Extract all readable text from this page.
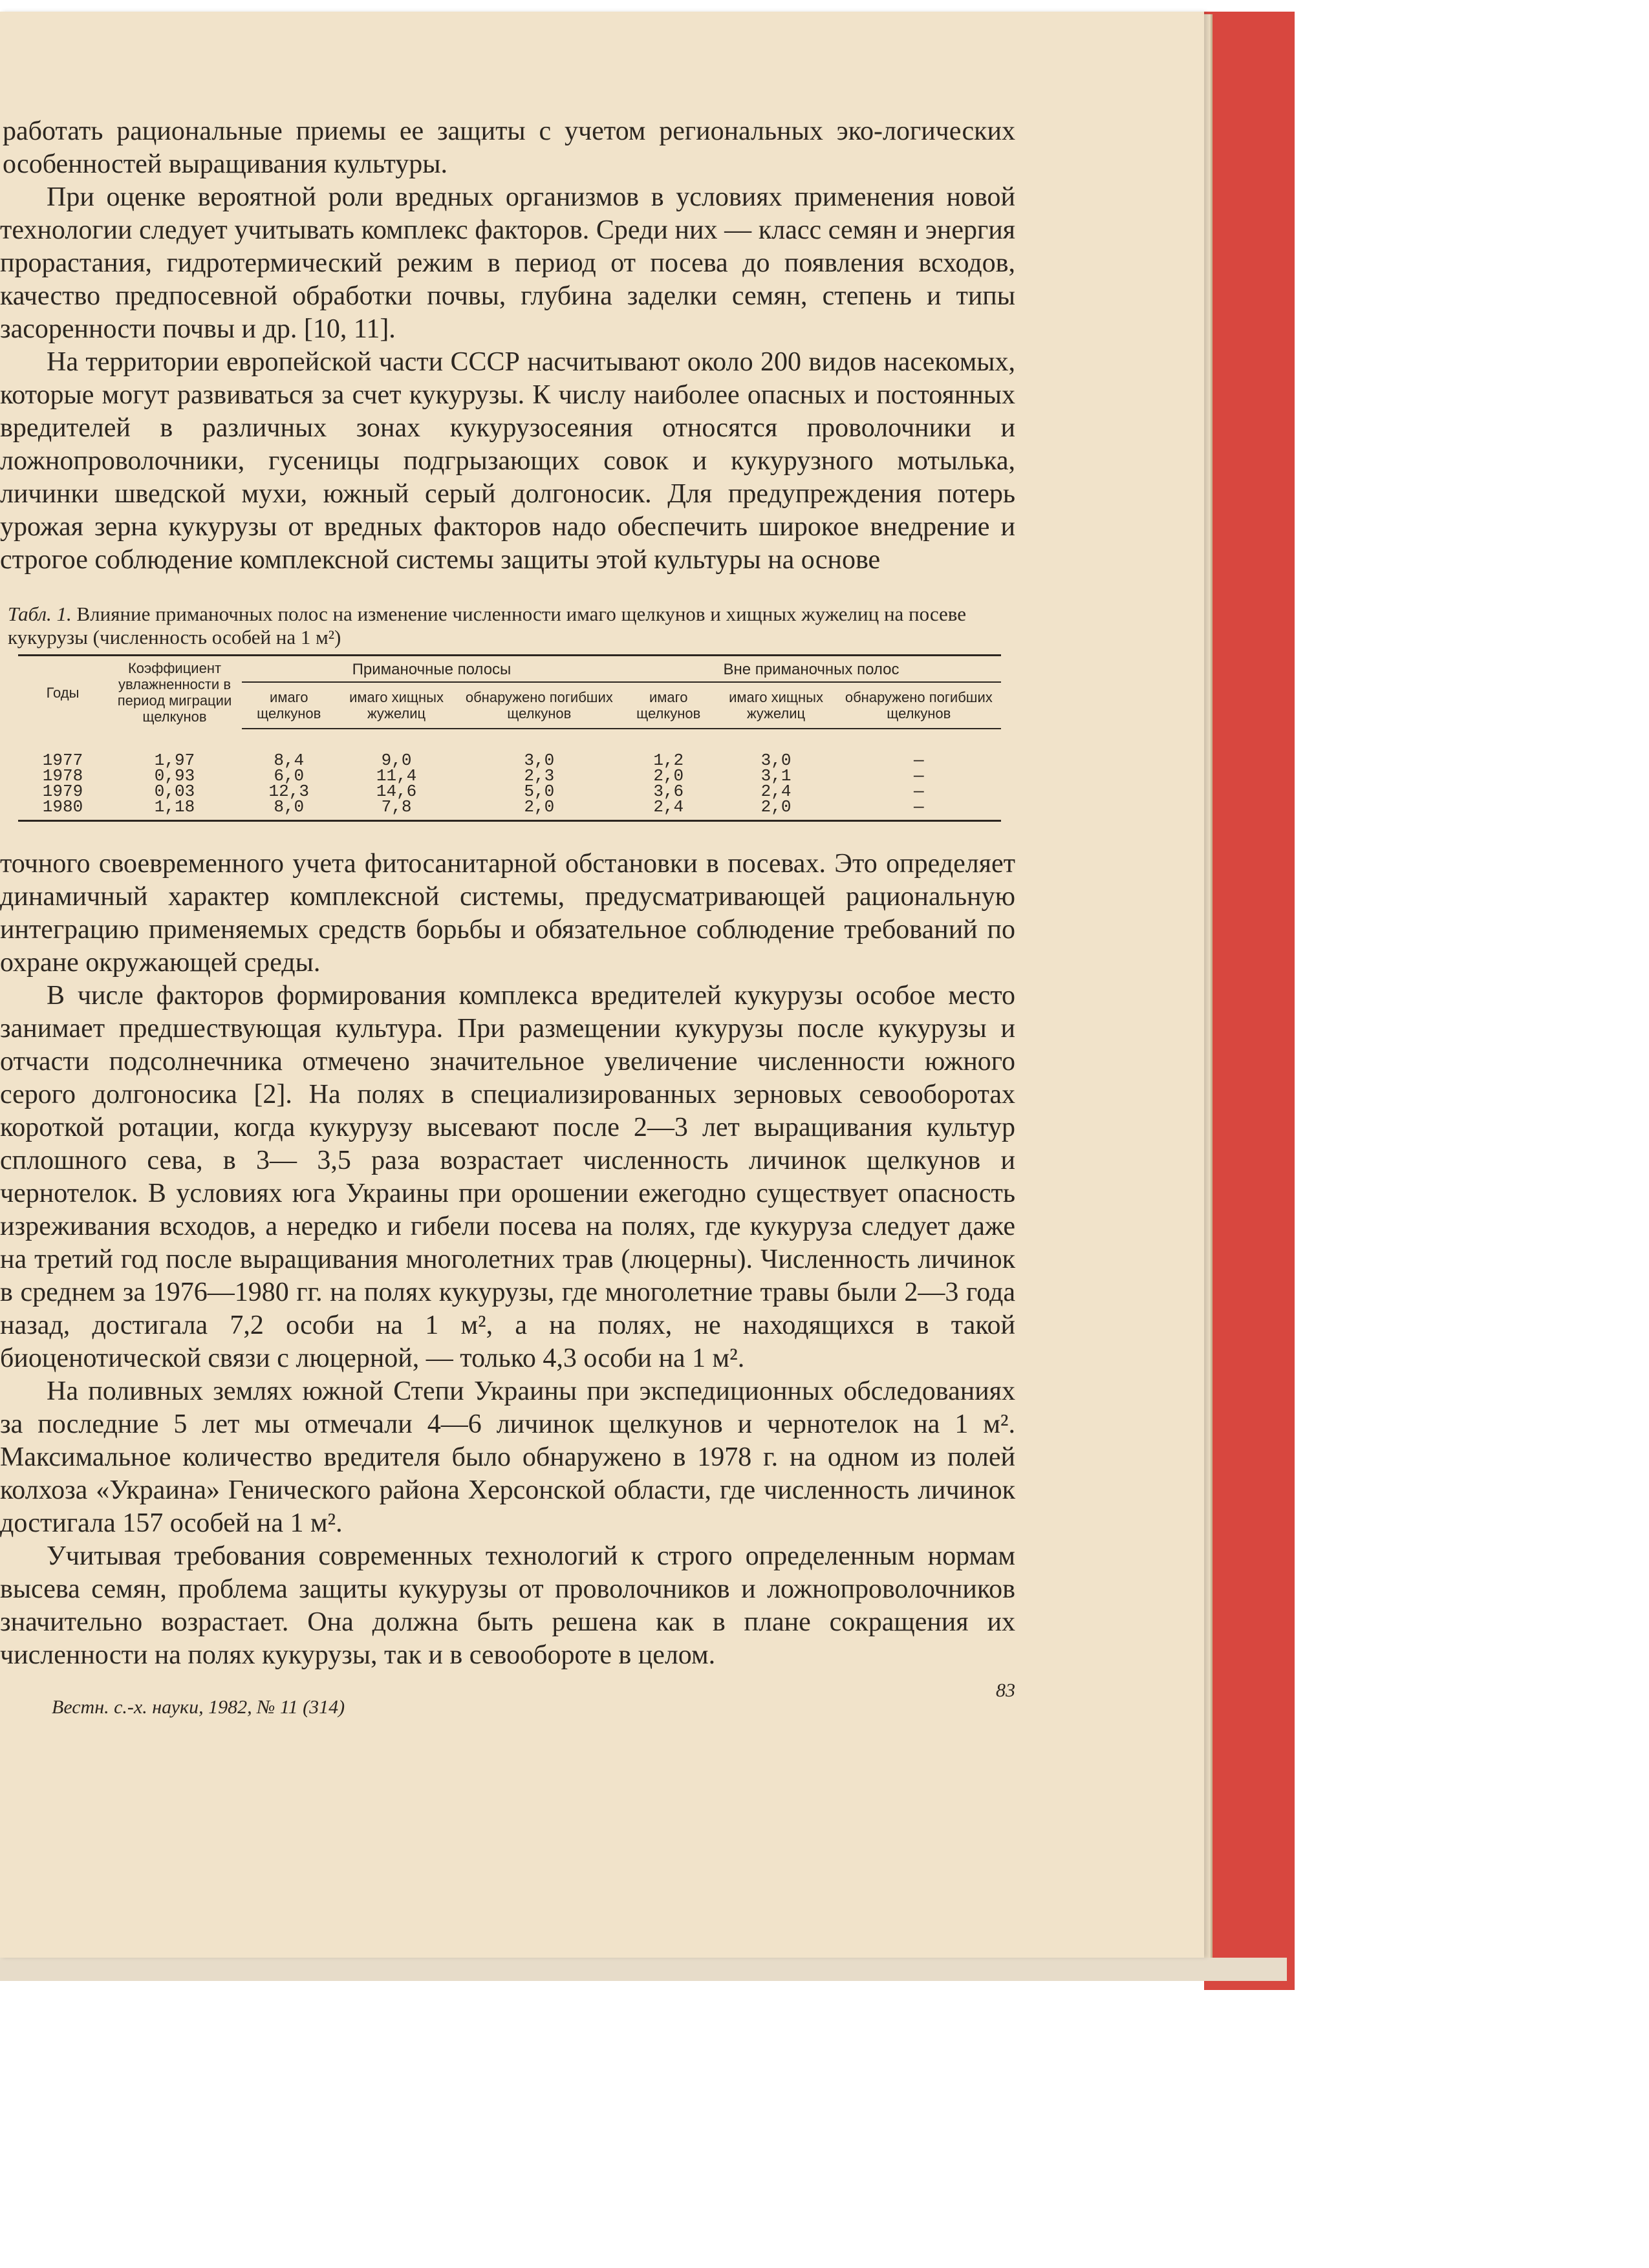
работать рациональные приемы ее защиты с учетом региональных эко-логических особенностей выращивания культуры.

При оценке вероятной роли вредных организмов в условиях применения новой технологии следует учитывать комплекс факторов. Среди них — класс семян и энергия прорастания, гидротермический режим в период от посева до появления всходов, качество предпосевной обработки почвы, глубина заделки семян, степень и типы засоренности почвы и др. [10, 11].

На территории европейской части СССР насчитывают около 200 видов насекомых, которые могут развиваться за счет кукурузы. К числу наиболее опасных и постоянных вредителей в различных зонах кукурузосеяния относятся проволочники и ложнопроволочники, гусеницы подгрызающих совок и кукурузного мотылька, личинки шведской мухи, южный серый долгоносик. Для предупреждения потерь урожая зерна кукурузы от вредных факторов надо обеспечить широкое внедрение и строгое соблюдение комплексной системы защиты этой культуры на основе

Табл. 1. Влияние приманочных полос на изменение численности имаго щелкунов и хищных жужелиц на посеве кукурузы (численность особей на 1 м²)
Годы	Коэффициент увлажненности в период миграции щелкунов	Приманочные полосы			Вне приманочных полос		
		имаго щелкунов	имаго хищных жужелиц	обнаружено погибших щелкунов	имаго щелкунов	имаго хищных жужелиц	обнаружено погибших щелкунов
1977	1,97	8,4	9,0	3,0	1,2	3,0	—
1978	0,93	6,0	11,4	2,3	2,0	3,1	—
1979	0,03	12,3	14,6	5,0	3,6	2,4	—
1980	1,18	8,0	7,8	2,0	2,4	2,0	—

точного своевременного учета фитосанитарной обстановки в посевах. Это определяет динамичный характер комплексной системы, предусматривающей рациональную интеграцию применяемых средств борьбы и обязательное соблюдение требований по охране окружающей среды.

В числе факторов формирования комплекса вредителей кукурузы особое место занимает предшествующая культура. При размещении кукурузы после кукурузы и отчасти подсолнечника отмечено значительное увеличение численности южного серого долгоносика [2]. На полях в специализированных зерновых севооборотах короткой ротации, когда кукурузу высевают после 2—3 лет выращивания культур сплошного сева, в 3— 3,5 раза возрастает численность личинок щелкунов и чернотелок. В условиях юга Украины при орошении ежегодно существует опасность изреживания всходов, а нередко и гибели посева на полях, где кукуруза следует даже на третий год после выращивания многолетних трав (люцерны). Численность личинок в среднем за 1976—1980 гг. на полях кукурузы, где многолетние травы были 2—3 года назад, достигала 7,2 особи на 1 м², а на полях, не находящихся в такой биоценотической связи с люцерной, — только 4,3 особи на 1 м².

На поливных землях южной Степи Украины при экспедиционных обследованиях за последние 5 лет мы отмечали 4—6 личинок щелкунов и чернотелок на 1 м². Максимальное количество вредителя было обнаружено в 1978 г. на одном из полей колхоза «Украина» Генического района Херсонской области, где численность личинок достигала 157 особей на 1 м².

Учитывая требования современных технологий к строго определенным нормам высева семян, проблема защиты кукурузы от проволочников и ложнопроволочников значительно возрастает. Она должна быть решена как в плане сокращения их численности на полях кукурузы, так и в севообороте в целом.

Вестн. с.-х. науки, 1982, № 11 (314)
83
